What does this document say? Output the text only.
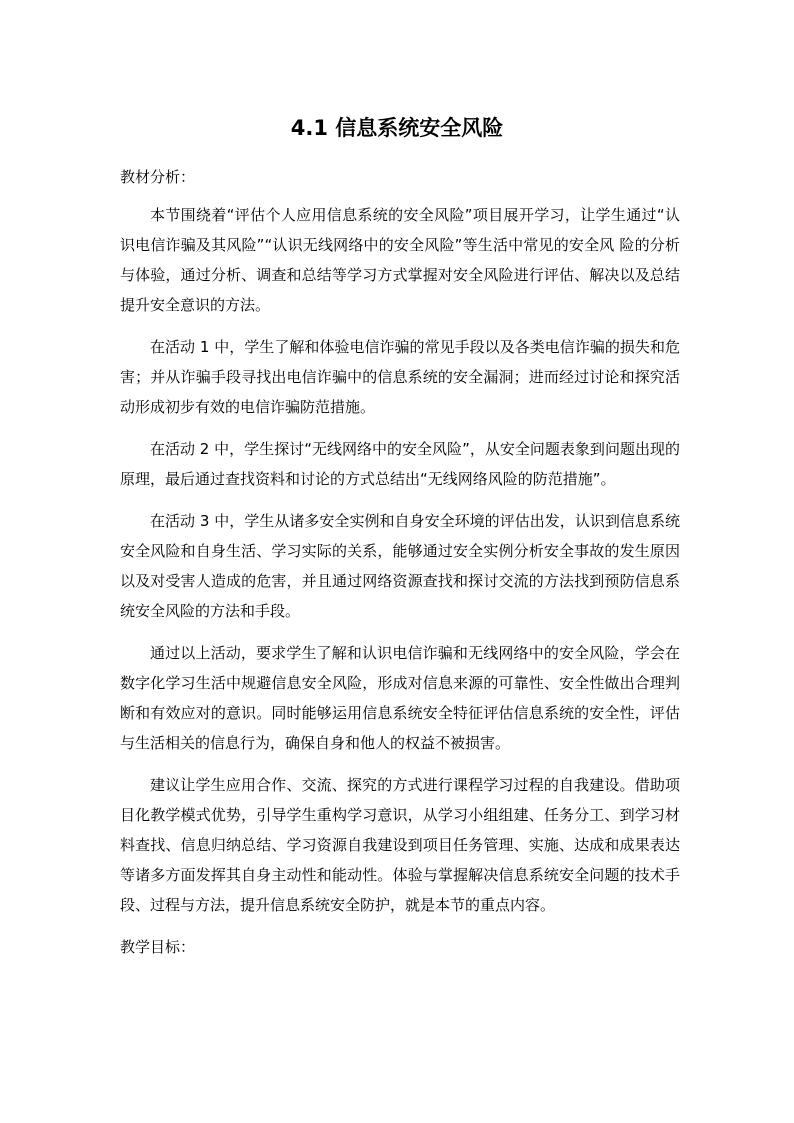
4.1 信息系统安全风险

教材分析：

本节围绕着“评估个人应用信息系统的安全风险”项目展开学习，让学生通过“认识电信诈骗及其风险”“认识无线网络中的安全风险”等生活中常见的安全风 险的分析与体验，通过分析、调查和总结等学习方式掌握对安全风险进行评估、解决以及总结提升安全意识的方法。

在活动 1 中，学生了解和体验电信诈骗的常见手段以及各类电信诈骗的损失和危害；并从诈骗手段寻找出电信诈骗中的信息系统的安全漏洞；进而经过讨论和探究活动形成初步有效的电信诈骗防范措施。

在活动 2 中，学生探讨“无线网络中的安全风险”，从安全问题表象到问题出现的原理，最后通过查找资料和讨论的方式总结出“无线网络风险的防范措施”。

在活动 3 中，学生从诸多安全实例和自身安全环境的评估出发，认识到信息系统安全风险和自身生活、学习实际的关系，能够通过安全实例分析安全事故的发生原因以及对受害人造成的危害，并且通过网络资源查找和探讨交流的方法找到预防信息系统安全风险的方法和手段。

通过以上活动，要求学生了解和认识电信诈骗和无线网络中的安全风险，学会在数字化学习生活中规避信息安全风险，形成对信息来源的可靠性、安全性做出合理判断和有效应对的意识。同时能够运用信息系统安全特征评估信息系统的安全性，评估与生活相关的信息行为，确保自身和他人的权益不被损害。

建议让学生应用合作、交流、探究的方式进行课程学习过程的自我建设。借助项目化教学模式优势，引导学生重构学习意识，从学习小组组建、任务分工、到学习材料查找、信息归纳总结、学习资源自我建设到项目任务管理、实施、达成和成果表达等诸多方面发挥其自身主动性和能动性。体验与掌握解决信息系统安全问题的技术手段、过程与方法，提升信息系统安全防护，就是本节的重点内容。

教学目标：
